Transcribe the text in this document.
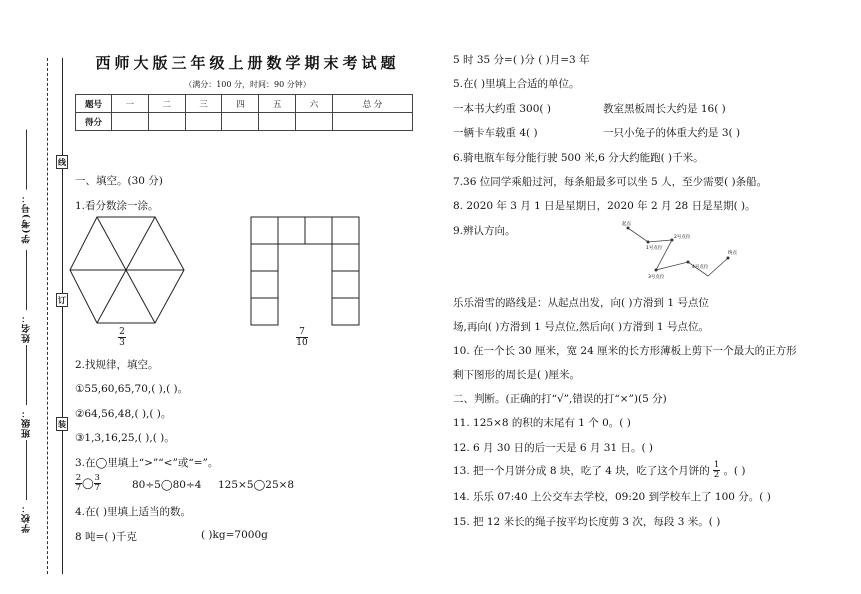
学(考)号：
姓名：
班级：
学校：
线
订
装
西师大版三年级上册数学期末考试题
（满分：100 分，时间：90 分钟）
题号	一	二	三	四	五	六	总 分
得分							
一、填空。(30 分)
1.看分数涂一涂。
2
3
7
10
2.找规律，填空。
①55,60,65,70,( ),( )。
②64,56,48,( ),( )。
③1,3,16,25,( ),( )。
3.在◯里填上“>”“<”或“=”。
$\frac{2}{7}$ ◯ $\frac{3}{7}$	80÷5◯80÷4 125×5◯25×8
4.在( )里填上适当的数。
8 吨=( )千克	( )kg=7000g
5 时 35 分=( )分 ( )月=3 年
5.在( )里填上合适的单位。
一本书大约重 300( )	教室黑板周长大约是 16( )
一辆卡车载重 4( )	一只小兔子的体重大约是 3( )
6.骑电瓶车每分能行驶 500 米,6 分大约能跑( )千米。
7.36 位同学乘船过河，每条船最多可以坐 5 人，至少需要( )条船。
8. 2020 年 3 月 1 日是星期日，2020 年 2 月 28 日是星期( )。
9.辨认方向。
起点
1号点位
2号点位
3号点位
4号点位
终点
乐乐滑雪的路线是：从起点出发，向( )方滑到 1 号点位
场,再向( )方滑到 1 号点位,然后向( )方滑到 1 号点位。
10. 在一个长 30 厘米，宽 24 厘米的长方形薄板上剪下一个最大的正方形
剩下图形的周长是( )厘米。
二、判断。(正确的打“√”,错误的打“×”)(5 分)
11. 125×8 的积的末尾有 1 个 0。( )
12. 6 月 30 日的后一天是 6 月 31 日。( )
13. 把一个月饼分成 8 块，吃了 4 块，吃了这个月饼的 $\frac{1}{2}$ 。( )
14. 乐乐 07:40 上公交车去学校，09:20 到学校车上了 100 分。( )
15. 把 12 米长的绳子按平均长度剪 3 次，每段 3 米。( )
